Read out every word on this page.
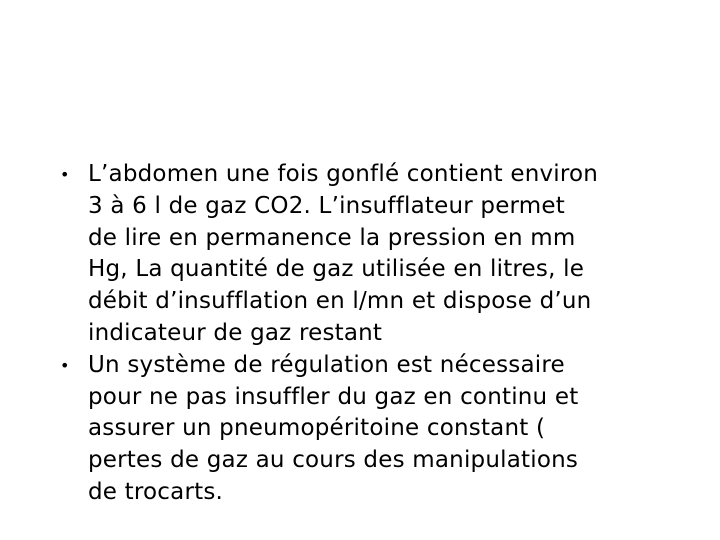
• L’abdomen une fois gonflé contient environ
3 à 6 l de gaz CO2. L’insufflateur permet
de lire en permanence la pression en mm
Hg, La quantité de gaz utilisée en litres, le
débit d’insufflation en l/mn et dispose d’un
indicateur de gaz restant
• Un système de régulation est nécessaire
pour ne pas insuffler du gaz en continu et
assurer un pneumopéritoine constant (
pertes de gaz au cours des manipulations
de trocarts.
